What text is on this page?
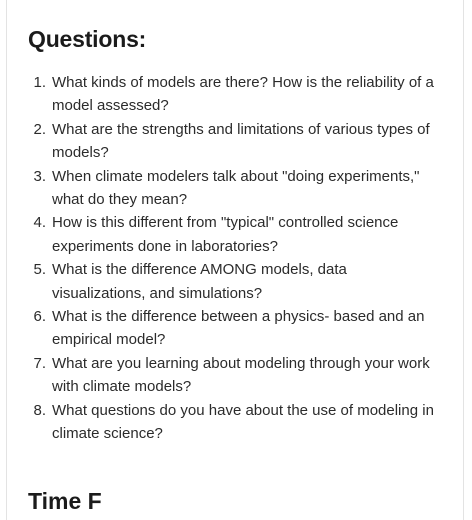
Questions:
1. What kinds of models are there? How is the reliability of a model assessed?
2. What are the strengths and limitations of various types of models?
3. When climate modelers talk about "doing experiments," what do they mean?
4. How is this different from "typical" controlled science experiments done in laboratories?
5. What is the difference AMONG models, data visualizations, and simulations?
6. What is the difference between a physics- based and an empirical model?
7. What are you learning about modeling through your work with climate models?
8. What questions do you have about the use of modeling in climate science?
Time F
